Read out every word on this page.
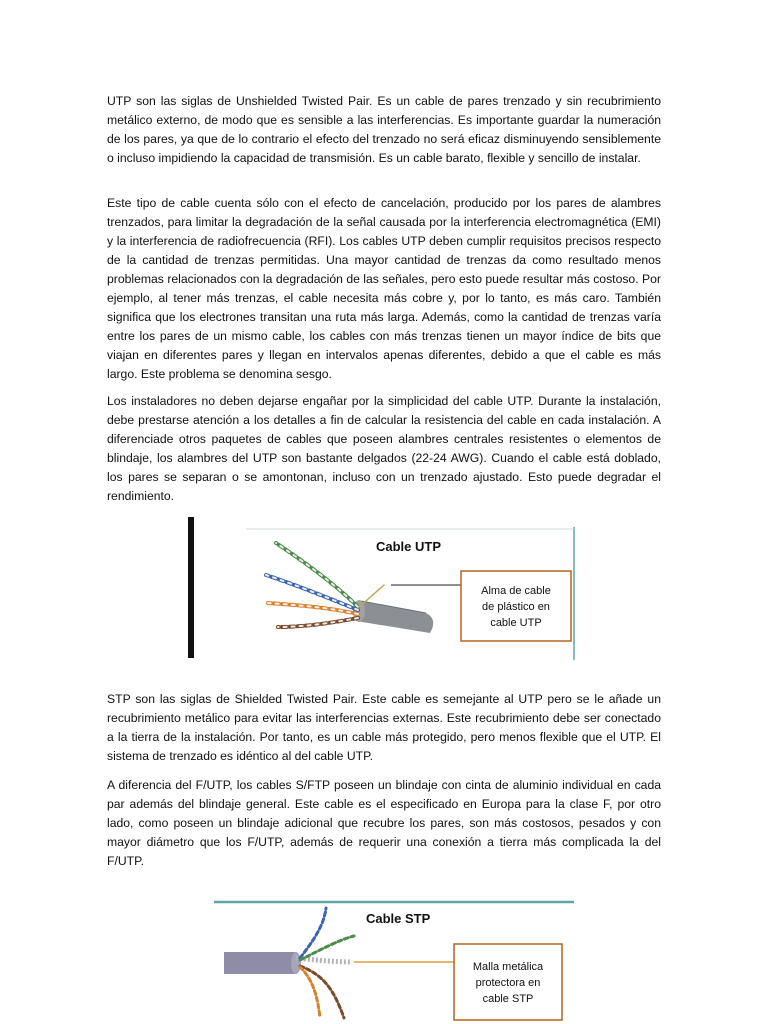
UTP son las siglas de Unshielded Twisted Pair. Es un cable de pares trenzado y sin recubrimiento metálico externo, de modo que es sensible a las interferencias. Es importante guardar la numeración de los pares, ya que de lo contrario el efecto del trenzado no será eficaz disminuyendo sensiblemente o incluso impidiendo la capacidad de transmisión. Es un cable barato, flexible y sencillo de instalar.

Este tipo de cable cuenta sólo con el efecto de cancelación, producido por los pares de alambres trenzados, para limitar la degradación de la señal causada por la interferencia electromagnética (EMI) y la interferencia de radiofrecuencia (RFI). Los cables UTP deben cumplir requisitos precisos respecto de la cantidad de trenzas permitidas. Una mayor cantidad de trenzas da como resultado menos problemas relacionados con la degradación de las señales, pero esto puede resultar más costoso. Por ejemplo, al tener más trenzas, el cable necesita más cobre y, por lo tanto, es más caro. También significa que los electrones transitan una ruta más larga. Además, como la cantidad de trenzas varía entre los pares de un mismo cable, los cables con más trenzas tienen un mayor índice de bits que viajan en diferentes pares y llegan en intervalos apenas diferentes, debido a que el cable es más largo. Este problema se denomina sesgo.

Los instaladores no deben dejarse engañar por la simplicidad del cable UTP. Durante la instalación, debe prestarse atención a los detalles a fin de calcular la resistencia del cable en cada instalación. A diferenciade otros paquetes de cables que poseen alambres centrales resistentes o elementos de blindaje, los alambres del UTP son bastante delgados (22-24 AWG). Cuando el cable está doblado, los pares se separan o se amontonan, incluso con un trenzado ajustado. Esto puede degradar el rendimiento.

Cable UTP
Alma de cable
de plástico en
cable UTP

STP son las siglas de Shielded Twisted Pair. Este cable es semejante al UTP pero se le añade un recubrimiento metálico para evitar las interferencias externas. Este recubrimiento debe ser conectado a la tierra de la instalación. Por tanto, es un cable más protegido, pero menos flexible que el UTP. El sistema de trenzado es idéntico al del cable UTP.

A diferencia del F/UTP, los cables S/FTP poseen un blindaje con cinta de aluminio individual en cada par además del blindaje general. Este cable es el especificado en Europa para la clase F, por otro lado, como poseen un blindaje adicional que recubre los pares, son más costosos, pesados y con mayor diámetro que los F/UTP, además de requerir una conexión a tierra más complicada la del F/UTP.

Cable STP
Malla metálica
protectora en
cable STP
